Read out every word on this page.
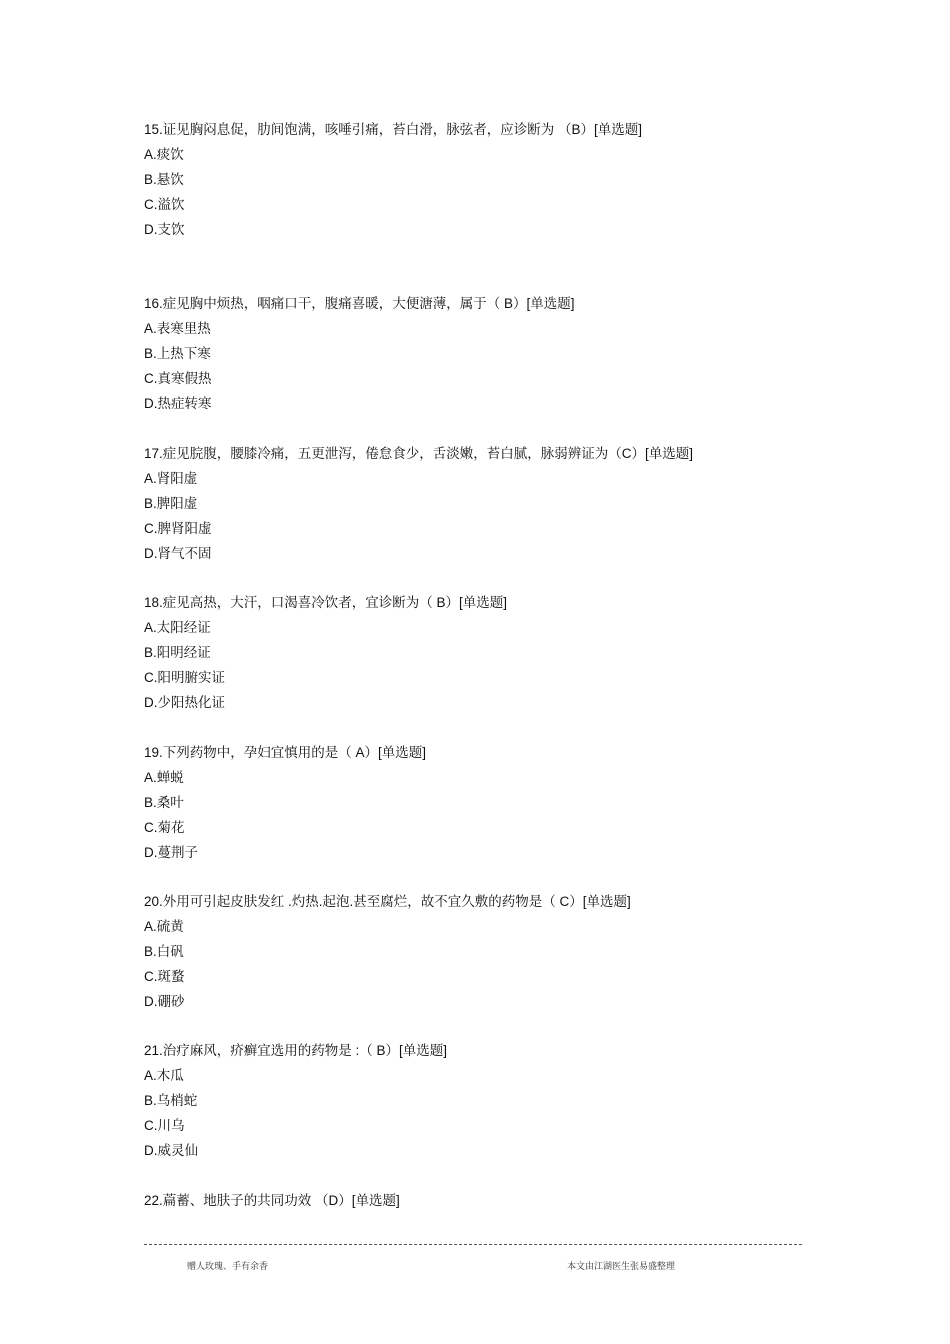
15.证见胸闷息促，肋间饱满，咳唾引痛，苔白滑，脉弦者，应诊断为 （B）[单选题]
A.痰饮
B.悬饮
C.溢饮
D.支饮
16.症见胸中烦热，咽痛口干，腹痛喜暖，大便溏薄，属于（ B）[单选题]
A.表寒里热
B.上热下寒
C.真寒假热
D.热症转寒
17.症见脘腹，腰膝冷痛，五更泄泻，倦怠食少，舌淡嫩，苔白腻，脉弱辨证为（C）[单选题]
A.肾阳虚
B.脾阳虚
C.脾肾阳虚
D.肾气不固
18.症见高热，大汗，口渴喜冷饮者，宜诊断为（ B）[单选题]
A.太阳经证
B.阳明经证
C.阳明腑实证
D.少阳热化证
19.下列药物中，孕妇宜慎用的是（ A）[单选题]
A.蝉蜕
B.桑叶
C.菊花
D.蔓荆子
20.外用可引起皮肤发红 .灼热.起泡.甚至腐烂，故不宜久敷的药物是（ C）[单选题]
A.硫黄
B.白矾
C.斑蝥
D.硼砂
21.治疗麻风，疥癣宜选用的药物是 :（ B）[单选题]
A.木瓜
B.乌梢蛇
C.川乌
D.威灵仙
22.萹蓄、地肤子的共同功效 （D）[单选题]
赠人玫瑰、手有余香	本文由江湖医生张易盛整理
